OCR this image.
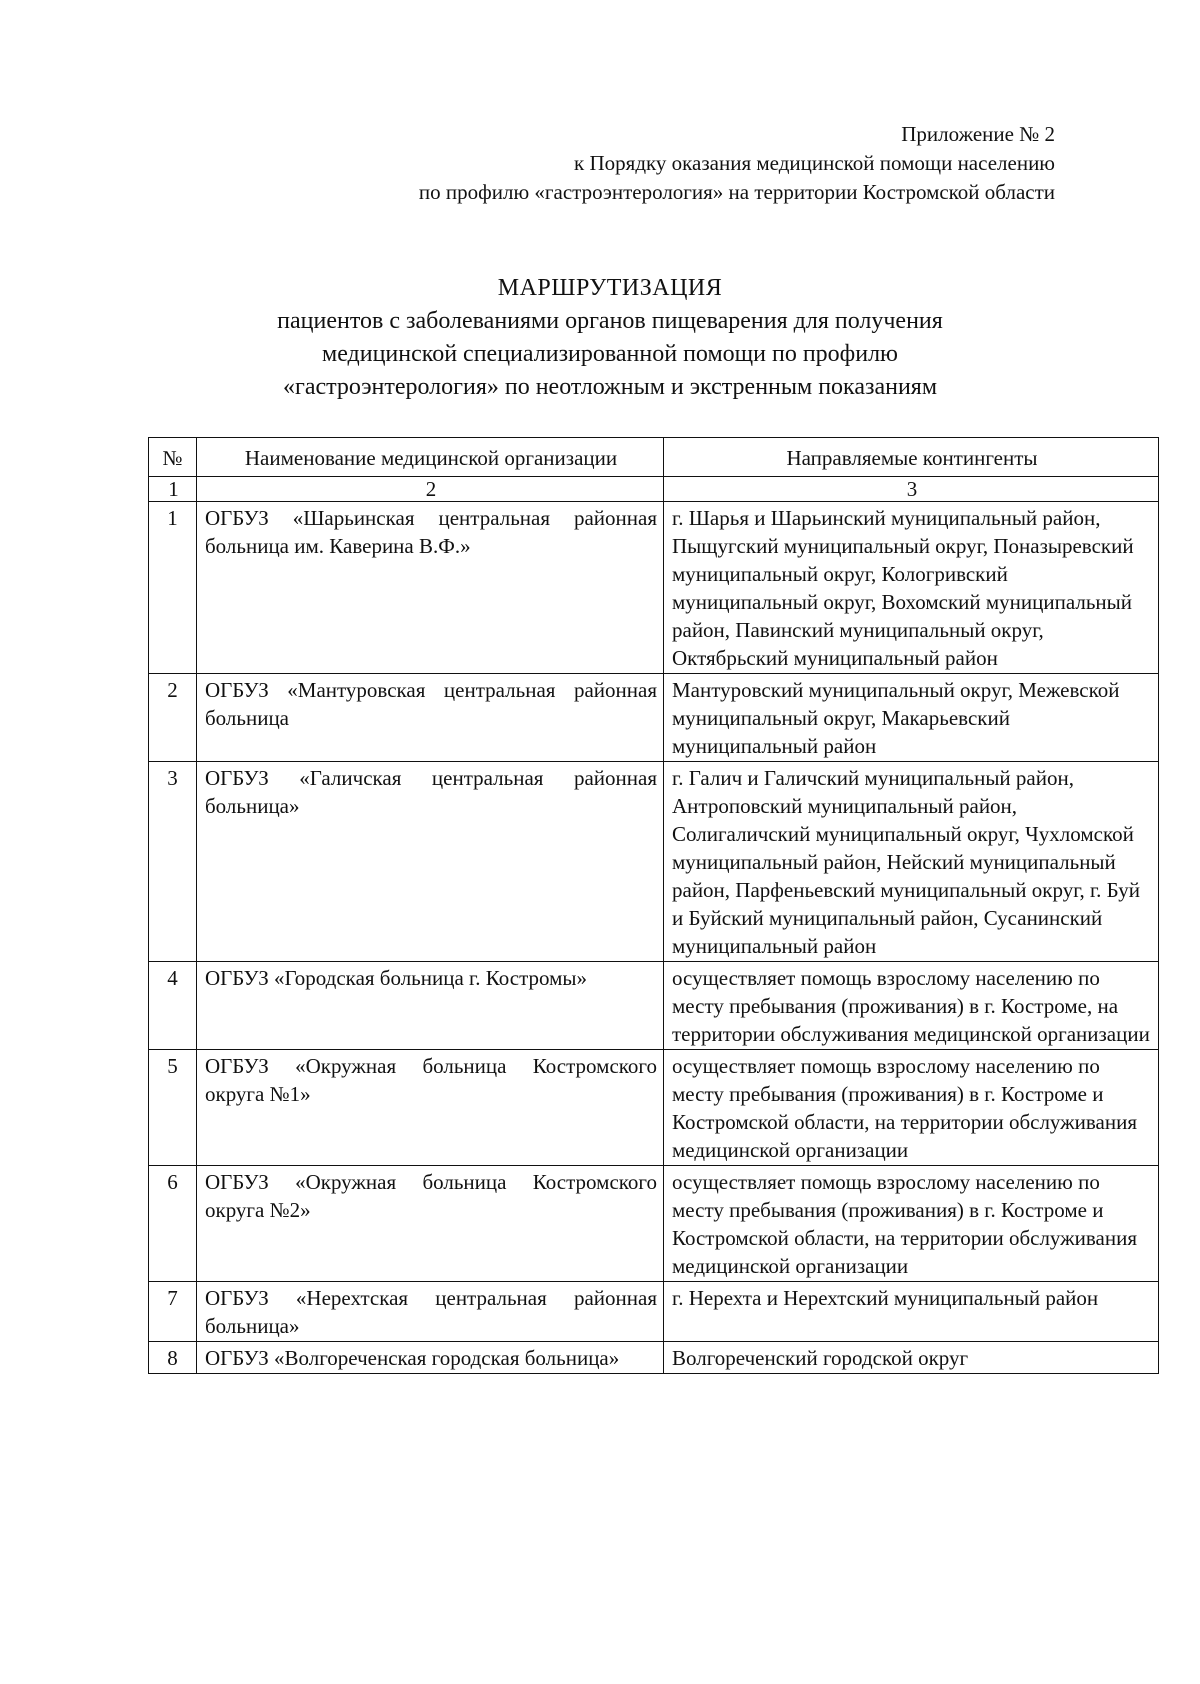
Приложение № 2
к Порядку оказания медицинской помощи населению
по профилю «гастроэнтерология» на территории Костромской области
МАРШРУТИЗАЦИЯ
пациентов с заболеваниями органов пищеварения для получения
медицинской специализированной помощи по профилю
«гастроэнтерология» по неотложным и экстренным показаниям
№	Наименование медицинской организации	Направляемые контингенты
1	2	3
1	ОГБУЗ «Шарьинская центральная районная больница им. Каверина В.Ф.»	г. Шарья и Шарьинский муниципальный район, Пыщугский муниципальный округ, Поназыревский муниципальный округ, Кологривский муниципальный округ, Вохомский муниципальный район, Павинский муниципальный округ, Октябрьский муниципальный район
2	ОГБУЗ «Мантуровская центральная районная больница	Мантуровский муниципальный округ, Межевской муниципальный округ, Макарьевский муниципальный район
3	ОГБУЗ «Галичская центральная районная больница»	г. Галич и Галичский муниципальный район, Антроповский муниципальный район, Солигаличский муниципальный округ, Чухломской муниципальный район, Нейский муниципальный район, Парфеньевский муниципальный округ, г. Буй и Буйский муниципальный район, Сусанинский муниципальный район
4	ОГБУЗ «Городская больница г. Костромы»	осуществляет помощь взрослому населению по месту пребывания (проживания) в г. Костроме, на территории обслуживания медицинской организации
5	ОГБУЗ «Окружная больница Костромского округа №1»	осуществляет помощь взрослому населению по месту пребывания (проживания) в г. Костроме и Костромской области, на территории обслуживания медицинской организации
6	ОГБУЗ «Окружная больница Костромского округа №2»	осуществляет помощь взрослому населению по месту пребывания (проживания) в г. Костроме и Костромской области, на территории обслуживания медицинской организации
7	ОГБУЗ «Нерехтская центральная районная больница»	г. Нерехта и Нерехтский муниципальный район
8	ОГБУЗ «Волгореченская городская больница»	Волгореченский городской округ
